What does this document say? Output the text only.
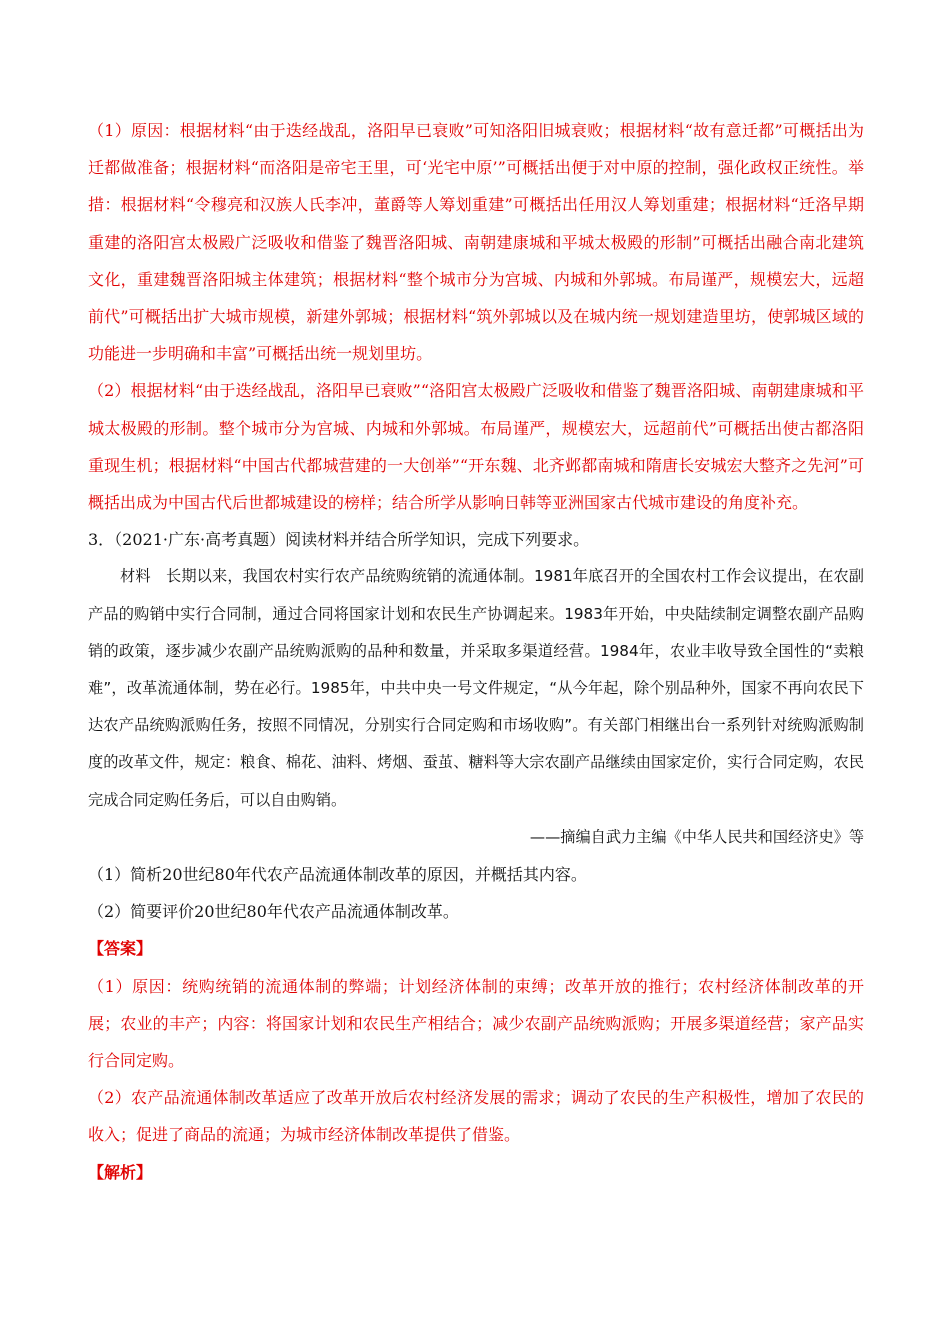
（1）原因：根据材料“由于迭经战乱，洛阳早已衰败”可知洛阳旧城衰败；根据材料“故有意迁都”可概括出为迁都做准备；根据材料“而洛阳是帝宅王里，可‘光宅中原’”可概括出便于对中原的控制，强化政权正统性。举措：根据材料“令穆亮和汉族人氏李冲，董爵等人筹划重建”可概括出任用汉人筹划重建；根据材料“迁洛早期重建的洛阳宫太极殿广泛吸收和借鉴了魏晋洛阳城、南朝建康城和平城太极殿的形制”可概括出融合南北建筑文化，重建魏晋洛阳城主体建筑；根据材料“整个城市分为宫城、内城和外郭城。布局谨严，规模宏大，远超前代”可概括出扩大城市规模，新建外郭城；根据材料“筑外郭城以及在城内统一规划建造里坊，使郭城区域的功能进一步明确和丰富”可概括出统一规划里坊。

（2）根据材料“由于迭经战乱，洛阳早已衰败”“洛阳宫太极殿广泛吸收和借鉴了魏晋洛阳城、南朝建康城和平城太极殿的形制。整个城市分为宫城、内城和外郭城。布局谨严，规模宏大，远超前代”可概括出使古都洛阳重现生机；根据材料“中国古代都城营建的一大创举”“开东魏、北齐邺都南城和隋唐长安城宏大整齐之先河”可概括出成为中国古代后世都城建设的榜样；结合所学从影响日韩等亚洲国家古代城市建设的角度补充。

3．（2021·广东·高考真题）阅读材料并结合所学知识，完成下列要求。

材料　长期以来，我国农村实行农产品统购统销的流通体制。1981年底召开的全国农村工作会议提出，在农副产品的购销中实行合同制，通过合同将国家计划和农民生产协调起来。1983年开始，中央陆续制定调整农副产品购销的政策，逐步减少农副产品统购派购的品种和数量，并采取多渠道经营。1984年，农业丰收导致全国性的“卖粮难”，改革流通体制，势在必行。1985年，中共中央一号文件规定，“从今年起，除个别品种外，国家不再向农民下达农产品统购派购任务，按照不同情况，分别实行合同定购和市场收购”。有关部门相继出台一系列针对统购派购制度的改革文件，规定：粮食、棉花、油料、烤烟、蚕茧、糖料等大宗农副产品继续由国家定价，实行合同定购，农民完成合同定购任务后，可以自由购销。

——摘编自武力主编《中华人民共和国经济史》等

（1）简析20世纪80年代农产品流通体制改革的原因，并概括其内容。

（2）简要评价20世纪80年代农产品流通体制改革。

【答案】

（1）原因：统购统销的流通体制的弊端；计划经济体制的束缚；改革开放的推行；农村经济体制改革的开展；农业的丰产；内容：将国家计划和农民生产相结合；减少农副产品统购派购；开展多渠道经营；家产品实行合同定购。

（2）农产品流通体制改革适应了改革开放后农村经济发展的需求；调动了农民的生产积极性，增加了农民的收入；促进了商品的流通；为城市经济体制改革提供了借鉴。

【解析】
